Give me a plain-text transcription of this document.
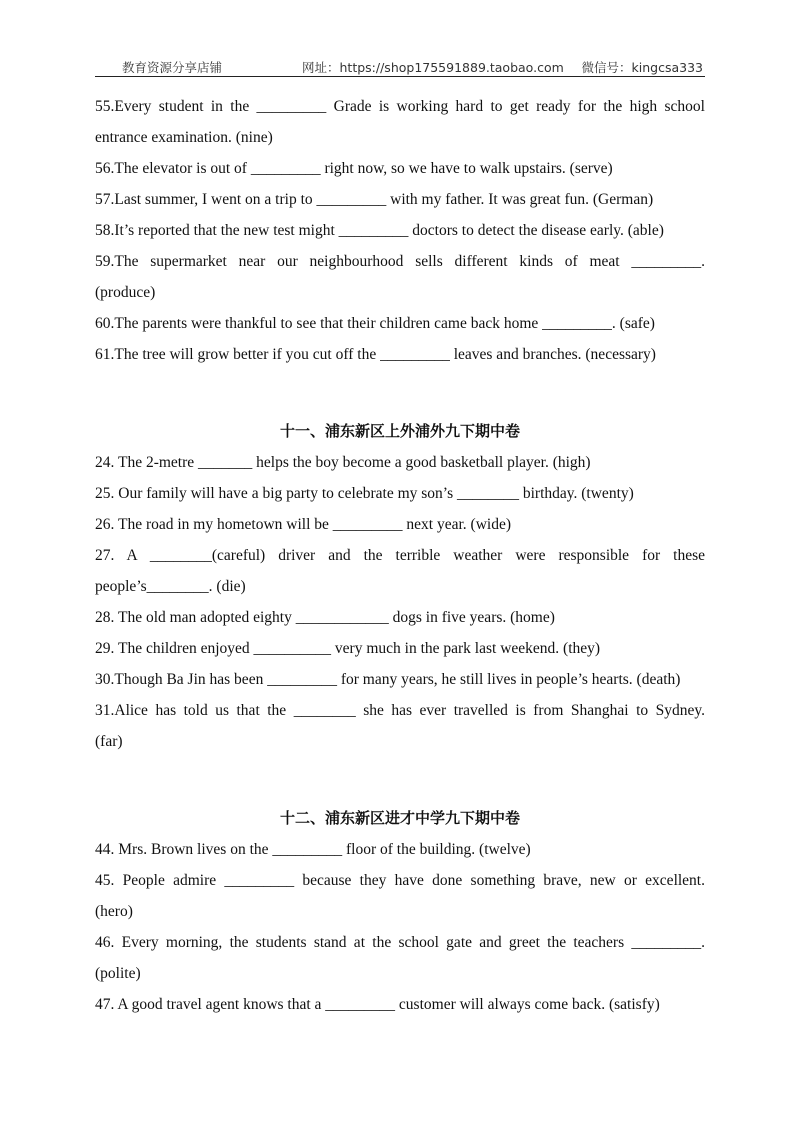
教育资源分享店铺	网址：https://shop175591889.taobao.com 微信号：kingcsa333
55.Every student in the _________ Grade is working hard to get ready for the high school
entrance examination. (nine)
56.The elevator is out of _________ right now, so we have to walk upstairs. (serve)
57.Last summer, I went on a trip to _________ with my father. It was great fun. (German)
58.It’s reported that the new test might _________ doctors to detect the disease early. (able)
59.The supermarket near our neighbourhood sells different kinds of meat _________.
(produce)
60.The parents were thankful to see that their children came back home _________. (safe)
61.The tree will grow better if you cut off the _________ leaves and branches. (necessary)
十一、浦东新区上外浦外九下期中卷
24. The 2-metre _______ helps the boy become a good basketball player. (high)
25. Our family will have a big party to celebrate my son’s ________ birthday. (twenty)
26. The road in my hometown will be _________ next year. (wide)
27. A ________(careful) driver and the terrible weather were responsible for these
people’s________. (die)
28. The old man adopted eighty ____________ dogs in five years. (home)
29. The children enjoyed __________ very much in the park last weekend. (they)
30.Though Ba Jin has been _________ for many years, he still lives in people’s hearts. (death)
31.Alice has told us that the ________ she has ever travelled is from Shanghai to Sydney.
(far)
十二、浦东新区进才中学九下期中卷
44. Mrs. Brown lives on the _________ floor of the building. (twelve)
45. People admire _________ because they have done something brave, new or excellent.
(hero)
46. Every morning, the students stand at the school gate and greet the teachers _________.
(polite)
47. A good travel agent knows that a _________ customer will always come back. (satisfy)
